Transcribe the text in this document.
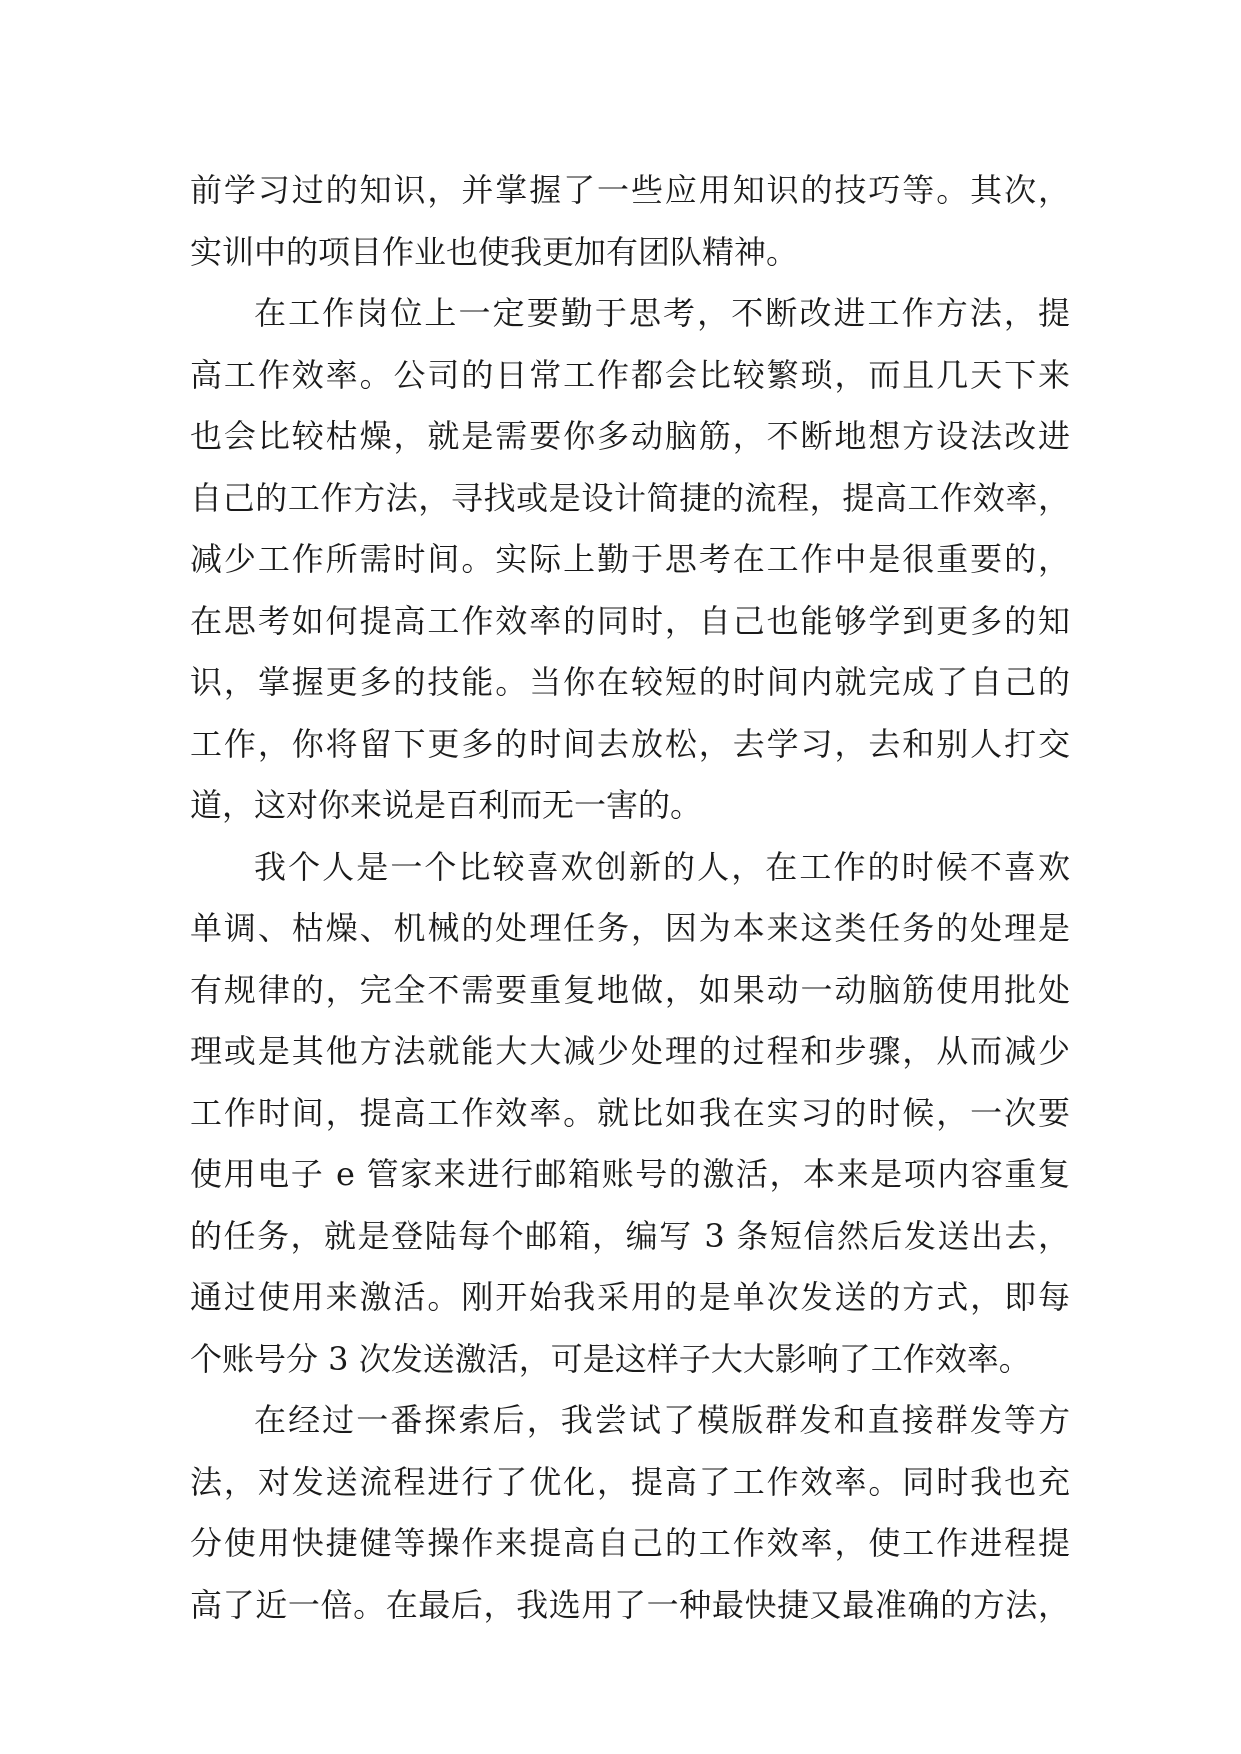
前学习过的知识，并掌握了一些应用知识的技巧等。其次，
实训中的项目作业也使我更加有团队精神。
在工作岗位上一定要勤于思考，不断改进工作方法，提
高工作效率。公司的日常工作都会比较繁琐，而且几天下来
也会比较枯燥，就是需要你多动脑筋，不断地想方设法改进
自己的工作方法，寻找或是设计简捷的流程，提高工作效率，
减少工作所需时间。实际上勤于思考在工作中是很重要的，
在思考如何提高工作效率的同时，自己也能够学到更多的知
识，掌握更多的技能。当你在较短的时间内就完成了自己的
工作，你将留下更多的时间去放松，去学习，去和别人打交
道，这对你来说是百利而无一害的。
我个人是一个比较喜欢创新的人，在工作的时候不喜欢
单调、枯燥、机械的处理任务，因为本来这类任务的处理是
有规律的，完全不需要重复地做，如果动一动脑筋使用批处
理或是其他方法就能大大减少处理的过程和步骤，从而减少
工作时间，提高工作效率。就比如我在实习的时候，一次要
使用电子 e 管家来进行邮箱账号的激活，本来是项内容重复
的任务，就是登陆每个邮箱，编写 3 条短信然后发送出去，
通过使用来激活。刚开始我采用的是单次发送的方式，即每
个账号分 3 次发送激活，可是这样子大大影响了工作效率。
在经过一番探索后，我尝试了模版群发和直接群发等方
法，对发送流程进行了优化，提高了工作效率。同时我也充
分使用快捷健等操作来提高自己的工作效率，使工作进程提
高了近一倍。在最后，我选用了一种最快捷又最准确的方法，
